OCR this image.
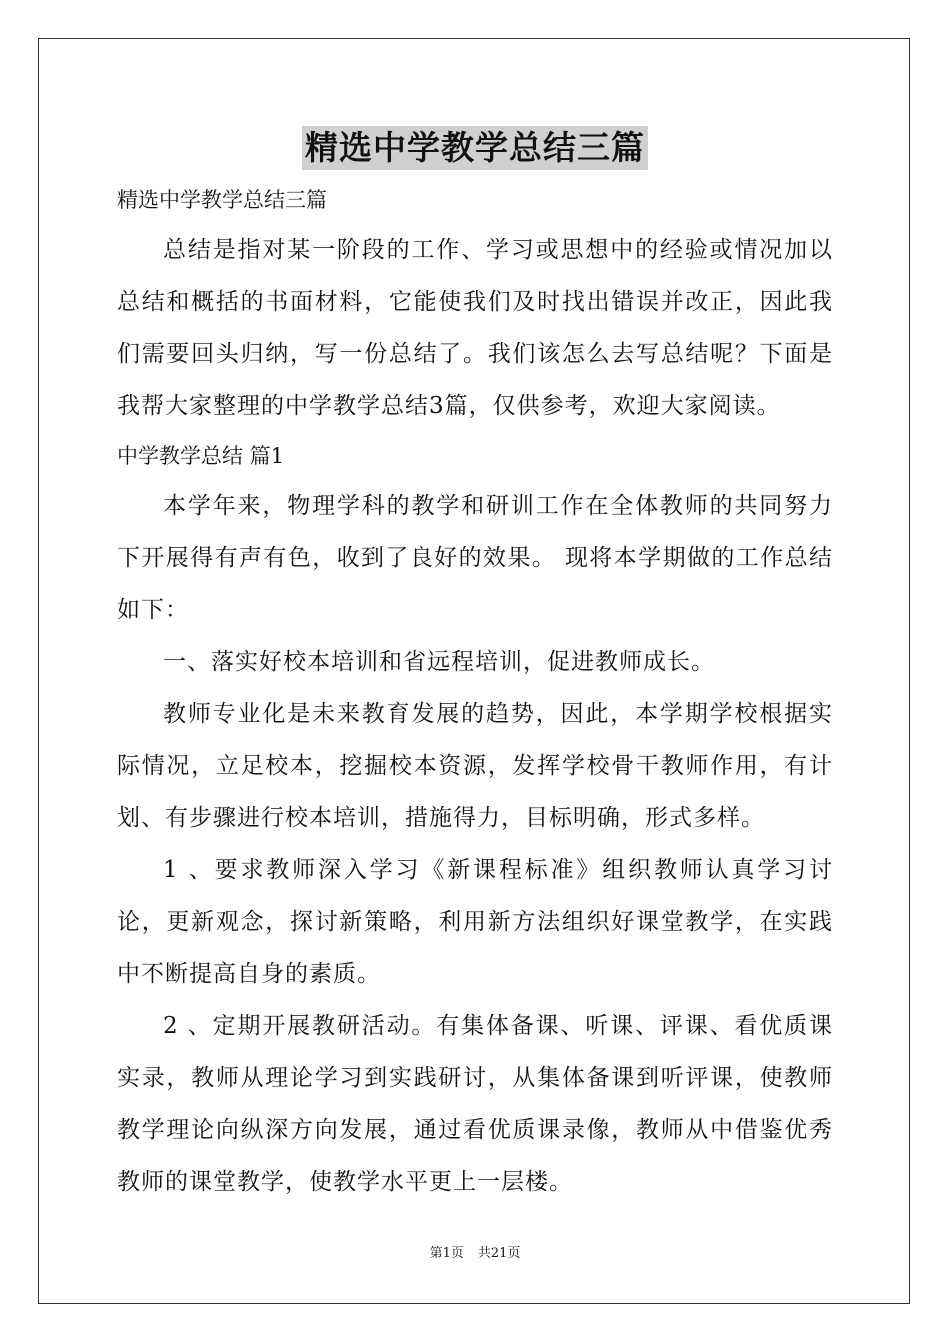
精选中学教学总结三篇

精选中学教学总结三篇

总结是指对某一阶段的工作、学习或思想中的经验或情况加以总结和概括的书面材料，它能使我们及时找出错误并改正，因此我们需要回头归纳，写一份总结了。我们该怎么去写总结呢？下面是我帮大家整理的中学教学总结3篇，仅供参考，欢迎大家阅读。

中学教学总结 篇1

本学年来，物理学科的教学和研训工作在全体教师的共同努力下开展得有声有色，收到了良好的效果。 现将本学期做的工作总结如下：

一、落实好校本培训和省远程培训，促进教师成长。

教师专业化是未来教育发展的趋势，因此，本学期学校根据实际情况，立足校本，挖掘校本资源，发挥学校骨干教师作用，有计划、有步骤进行校本培训，措施得力，目标明确，形式多样。

1 、要求教师深入学习《新课程标准》组织教师认真学习讨论，更新观念，探讨新策略，利用新方法组织好课堂教学，在实践中不断提高自身的素质。

2 、定期开展教研活动。有集体备课、听课、评课、看优质课实录，教师从理论学习到实践研讨，从集体备课到听评课，使教师教学理论向纵深方向发展，通过看优质课录像，教师从中借鉴优秀教师的课堂教学，使教学水平更上一层楼。

第1页 共21页
